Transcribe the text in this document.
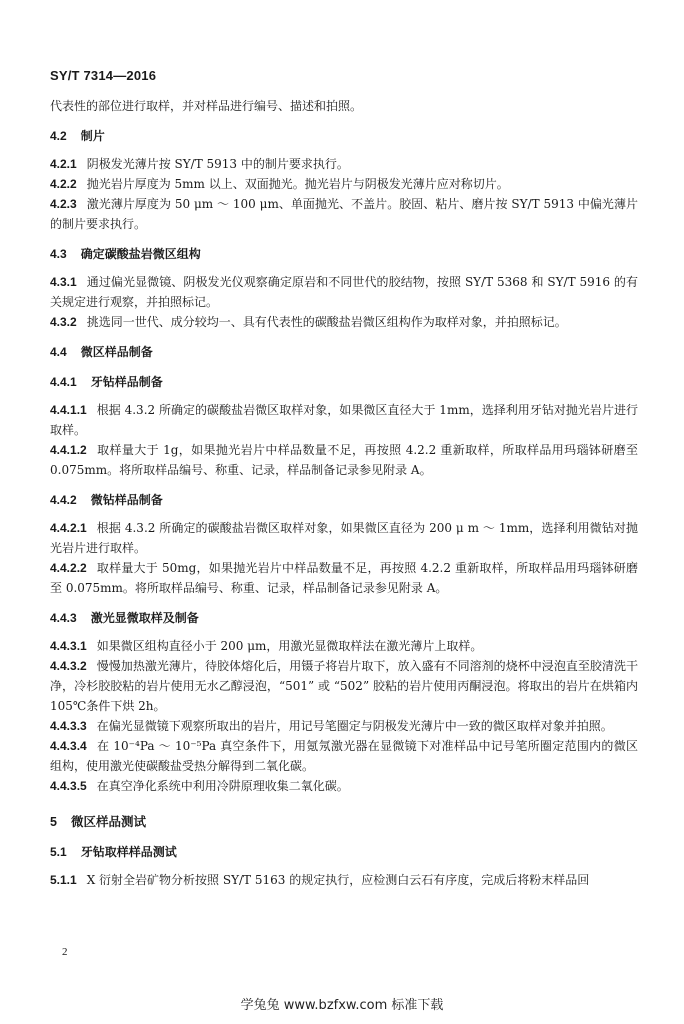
SY/T 7314—2016

代表性的部位进行取样，并对样品进行编号、描述和拍照。

4.2 制片

4.2.1 阴极发光薄片按 SY/T 5913 中的制片要求执行。

4.2.2 抛光岩片厚度为 5mm 以上、双面抛光。抛光岩片与阴极发光薄片应对称切片。

4.2.3 激光薄片厚度为 50 μm ～ 100 μm、单面抛光、不盖片。胶固、粘片、磨片按 SY/T 5913 中偏光薄片的制片要求执行。

4.3 确定碳酸盐岩微区组构

4.3.1 通过偏光显微镜、阴极发光仪观察确定原岩和不同世代的胶结物，按照 SY/T 5368 和 SY/T 5916 的有关规定进行观察，并拍照标记。

4.3.2 挑选同一世代、成分较均一、具有代表性的碳酸盐岩微区组构作为取样对象，并拍照标记。

4.4 微区样品制备

4.4.1 牙钻样品制备

4.4.1.1 根据 4.3.2 所确定的碳酸盐岩微区取样对象，如果微区直径大于 1mm，选择利用牙钻对抛光岩片进行取样。

4.4.1.2 取样量大于 1g，如果抛光岩片中样品数量不足，再按照 4.2.2 重新取样，所取样品用玛瑙钵研磨至 0.075mm。将所取样品编号、称重、记录，样品制备记录参见附录 A。

4.4.2 微钻样品制备

4.4.2.1 根据 4.3.2 所确定的碳酸盐岩微区取样对象，如果微区直径为 200 μ m ～ 1mm，选择利用微钻对抛光岩片进行取样。

4.4.2.2 取样量大于 50mg，如果抛光岩片中样品数量不足，再按照 4.2.2 重新取样，所取样品用玛瑙钵研磨至 0.075mm。将所取样品编号、称重、记录，样品制备记录参见附录 A。

4.4.3 激光显微取样及制备

4.4.3.1 如果微区组构直径小于 200 μm，用激光显微取样法在激光薄片上取样。

4.4.3.2 慢慢加热激光薄片，待胶体熔化后，用镊子将岩片取下，放入盛有不同溶剂的烧杯中浸泡直至胶清洗干净，冷杉胶胶粘的岩片使用无水乙醇浸泡，“501” 或 “502” 胶粘的岩片使用丙酮浸泡。将取出的岩片在烘箱内 105℃条件下烘 2h。

4.4.3.3 在偏光显微镜下观察所取出的岩片，用记号笔圈定与阴极发光薄片中一致的微区取样对象并拍照。

4.4.3.4 在 10⁻⁴Pa ～ 10⁻⁵Pa 真空条件下，用氪氖激光器在显微镜下对准样品中记号笔所圈定范围内的微区组构，使用激光使碳酸盐受热分解得到二氧化碳。

4.4.3.5 在真空净化系统中利用冷阱原理收集二氧化碳。

5 微区样品测试

5.1 牙钻取样样品测试

5.1.1 X 衍射全岩矿物分析按照 SY/T 5163 的规定执行，应检测白云石有序度，完成后将粉末样品回

2
学兔兔 www.bzfxw.com 标准下载
